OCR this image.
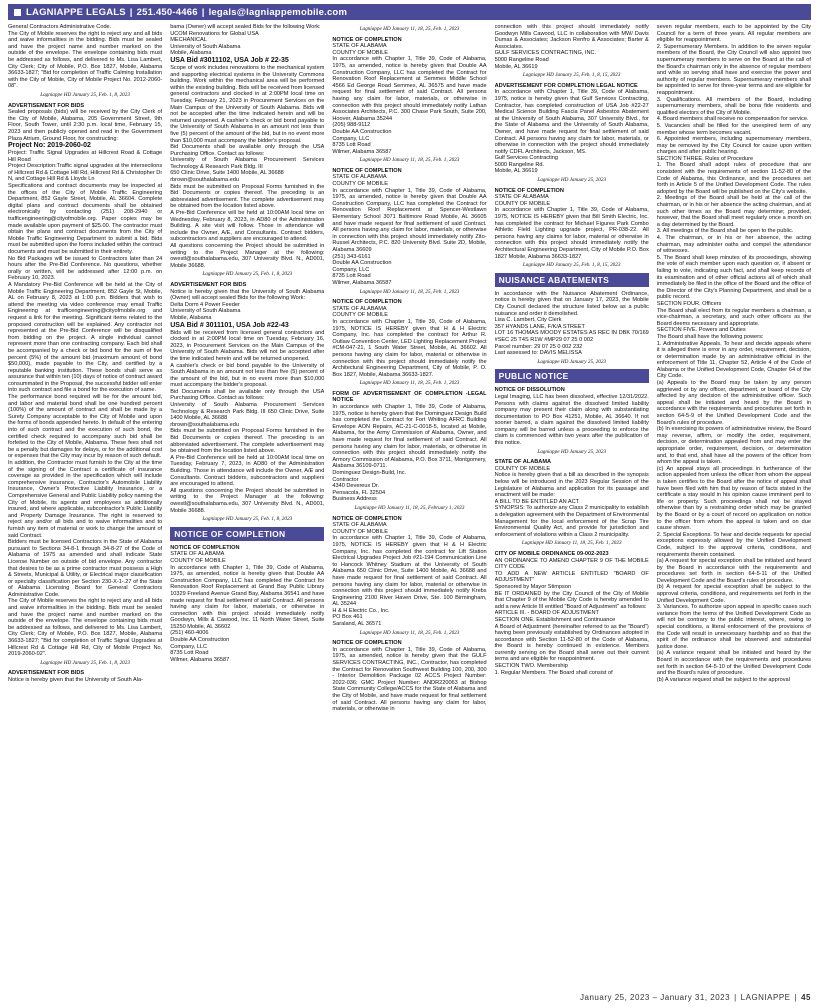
LAGNIAPPE LEGALS | 251.450-4466 | legals@lagniappemobile.com

General Contractors Administrative Code.

The City of Mobile reserves the right to reject any and all bids and waive informalities in the bidding. Bids must be sealed and have the project name and number marked on the outside of the envelope. The envelope containing bids must be addressed as follows, and delivered to Ms. Lisa Lambert, City Clerk; City of Mobile, P.O. Box 1827, Mobile, Alabama 36633-1827; "Bid for completion of Traffic Calming Installation with the City of Mobile, City of Mobile Project No. 2012-2060-08".

Lagniappe HD January 25, Feb. 1, 8, 2023

ADVERTISEMENT FOR BIDS

Sealed proposals (bids) will be received by the City Clerk of the City of Mobile, Alabama, 205 Government Street, 9th Floor, South Tower, until 2:30 p.m. local time, February 15, 2023 and then publicly opened and read in the Government Plaza Atrium, Ground Floor, for constructing:

Project No: 2019-2060-02

Project: Traffic Signal Upgrades at Hillcrest Road & Cottage Hill Road

Project Description:Traffic signal upgrades at the intersections of Hillcrest Rd & Cottage Hill Rd, Hillcrest Rd & Christopher Dr N, and Cottage Hill Rd & Lloyds Ln

Specifications and contract documents may be inspected at the offices of the City of Mobile Traffic Engineering Department, 852 Gayle Street, Mobile, AL 36604. Complete digital plans and contract documents shall be obtained electronically by contacting (251) 208-2940 or trafficengineering@cityofmobile.org. Paper copies may be made available upon payment of $25.00. The contractor must obtain the plans and contract documents from the City of Mobile Traffic Engineering Department to submit a bid. Bids must be submitted upon the forms included within the contract documents and must be submitted in their entirety.

No Bid Packages will be issued to Contractors later than 24 hours after the Pre-Bid Conference. No questions, whether orally or written, will be addressed after 12:00 p.m. on February 10, 2023.

A Mandatory Pre-Bid Conference will be held at the City of Mobile Traffic Engineering Department, 852 Gayle St, Mobile, AL on February 8, 2023 at 1:00 p.m. Bidders that wish to attend the meeting via video conference may email Traffic Engineering at trafficengineering@cityofmobile.org and request a link for the meeting. Significant items related to the proposed construction will be explained. Any contractor not represented at the Pre-Bid Conference will be disqualified from bidding on the project. A single individual cannot represent more than one contracting company. Each bid shall be accompanied by a check or bid bond for the sum of five percent (5%) of the amount bid (maximum amount of bond $50,000), made payable to the City, and certified by a reputable banking institution. These bonds shall serve as assurance that within ten (10) days of notice of contract award consummated in the Proposal, the successful bidder will enter into such contract and file a bond for the execution of same.

The performance bond required will be for the amount bid, and labor and material bond shall be one hundred percent (100%) of the amount of contract and shall be made by a Surety Company acceptable to the City of Mobile and upon the forms of bonds appended hereto. In default of the entering into of such contract and the execution of such bond, the certified check required to accompany such bid shall be forfeited to the City of Mobile, Alabama. These fees shall not be a penalty but damages for delays, or for the additional cost or expenses that the City may incur by reason of such default.

In addition, the Contractor must furnish to the City at the time of the signing of the Contract a certificate of insurance coverage as provided in the specification which will include comprehensive insurance, Contractor's Automobile Liability Insurance, Owner's Protective Liability Insurance, or a Comprehensive General and Public Liability policy naming the City of Mobile, its agents and employees as additionally insured, and where applicable, subcontractor's Public Liability and Property Damage Insurance. The right is reserved to reject any and/or all bids and to waive informalities and to furnish any item of material or work to change the amount of said Contract.

Bidders must be licensed Contractors in the State of Alabama pursuant to Sections 34-8-1 through 34-8-27 of the Code of Alabama of 1975 as amended and shall indicate State License Number on outside of bid envelope. Any contractor that desires to be as a prime contractor must possess a High & Streets, Municipal & Utility, or Electrical major classification or specialty classification per Section 230-X-1-.27 of the State of Alabama Licensing Board for General Contractors Administrative Code.

The City of Mobile reserves the right to reject any and all bids and waive informalities in the bidding. Bids must be sealed and have the project name and number marked on the outside of the envelope. The envelope containing bids must be addressed as follows, and delivered to Ms. Lisa Lambert, City Clerk; City of Mobile, P.O. Box 1827, Mobile, Alabama 36633-1827; "Bid for completion of Traffic Signal Upgrades at Hillcrest Rd & Cottage Hill Rd, City of Mobile Project No. 2019-2060-02".

Lagniappe HD January 25, Feb. 1, 8, 2023

ADVERTISEMENT FOR BIDS

Notice is hereby given that the University of South Ala-

bama (Owner) will accept sealed Bids for the following Work:

UCOM Renovations for Global USA

MECHANICAL

University of South Alabama

Mobile, Alabama

USA Bid #3011102, USA Job # 22-35

Scope of work includes renovations to the mechanical system and supporting electrical systems in the University Commons building. Work within the mechanical area will be performed within the existing building. Bids will be received from licensed general contractors and clocked in at 2:00PM local time on Tuesday, February 21, 2023 in Procurement Services on the Main Campus of the University of South Alabama. Bids will not be accepted after the time indicated herein and will be returned unopened. A cashier's check or bid bond payable to the University of South Alabama in an amount not less than five (5) percent of the amount of the bid, but in no event more than $10,000 must accompany the bidder's proposal.

Bid Documents shall be available only through the USA Purchasing Office. Contact as follows:

University of South Alabama Procurement Services Technology & Research Park Bldg. III

650 Clinic Drive, Suite 1400 Mobile, AL 36688

rbrown@southalabama.edu

Bids must be submitted on Proposal Forms furnished in the Bid Documents or copies thereof. The preceding is an abbreviated advertisement. The complete advertisement may be obtained from the location listed above.

A Pre-Bid Conference will be held at 10:00AM local time on Wednesday, February 8, 2023, in AD80 of the Administration Building. A site visit will follow. Those in attendance will include the Owner, A/E, and Consultants. Contract bidders, subcontractors and suppliers are encouraged to attend.

All questions concerning the Project should be submitted in writing to the Project Manager at the following: owestl@southalabama.edu, 307 University Blvd. N., AD001, Mobile 36688.

Lagniappe HD January 25, Feb. 1, 8, 2023

ADVERTISEMENT FOR BIDS

Notice is hereby given that the University of South Alabama (Owner) will accept sealed Bids for the following Work:

Delta Dorm 4 Power Feeder

University of South Alabama

Mobile, Alabama

USA Bid # 3011101, USA Job #22-43

Bids will be received from licensed general contractors and clocked in at 2:00PM local time on Tuesday, February 16, 2023, in Procurement Services on the Main Campus of the University of South Alabama. Bids will not be accepted after the time indicated herein and will be returned unopened.

A cashier's check or bid bond payable to the University of South Alabama in an amount not less than five (5) percent of the amount of the bid, but in no event more than $10,000 must accompany the bidder's proposal.

Bid Documents shall be available only through the USA Purchasing Office. Contact as follows:

University of South Alabama Procurement Services Technology & Research Park Bldg. III 650 Clinic Drive, Suite 1400 Mobile, AL 36688

rbrown@southalabama.edu

Bids must be submitted on Proposal Forms furnished in the Bid Documents or copies thereof. The preceding is an abbreviated advertisement. The complete advertisement may be obtained from the location listed above.

A Pre-Bid Conference will be held at 10:00AM local time on Tuesday, February 7, 2023, in AD80 of the Administration Building. Those in attendance will include the Owner, A/E and Consultants. Contract bidders, subcontractors and suppliers are encouraged to attend.

All questions concerning the Project should be submitted in writing to the Project Manager at the following: owestl@southalabama.edu, 307 University Blvd. N., AD001, Mobile 36688.

Lagniappe HD January 25, Feb. 1, 8, 2023

NOTICE OF COMPLETION

NOTICE OF COMPLETION

STATE OF ALABAMA

COUNTY OF MOBILE

In accordance with Chapter 1, Title 39, Code of Alabama, 1975, as amended, notice is hereby given that Double AA Construction Company, LLC has completed the Contract for Renovation Roof Replacement at Grand Bay Public Library 10329 Freeland Avenue Grand Bay, Alabama 36541 and have made request for final settlement of said Contract. All persons having any claim for labor, materials, or otherwise in connection with this project should immediately notify Goodwyn, Mills & Cawood, Inc. 11 North Water Street, Suite 15250 Mobile, AL 36602

(251) 460-4006

Double AA Construction

Company, LLC

8735 Lott Road

Wilmer, Alabama 36587

Lagniappe HD January 11, 18, 25, Feb. 1, 2023

NOTICE OF COMPLETION

STATE OF ALABAMA

COUNTY OF MOBILE

In accordance with Chapter 1, Title 39, Code of Alabama, 1975, as amended, notice is hereby given that Double AA Construction Company, LLC has completed the Contract for Renovation Roof Replacement at Semmes Middle School 4566 Ed George Road Semmes, AL 36575 and have made request for final settlement of said Contract. All persons having any claim for labor, materials, or otherwise in connection with this project should immediately notify Lathan Associates Architects, P.C. 300 Chase Park South, Suite 200, Hoover, Alabama 35244

(205) 988-9112

Double AA Construction

Company, LLC

8735 Lott Road

Wilmer, Alabama 36587

Lagniappe HD January 11, 18, 25, Feb. 1, 2023

NOTICE OF COMPLETION

STATE OF ALABAMA

COUNTY OF MOBILE

In accordance with Chapter 1, Title 39, Code of Alabama, 1975, as amended, notice is hereby given that Double AA Construction Company, LLC has completed the Contract for Renovation Roof Replacement at Spencer-Westlawn Elementary School 3071 Baltimore Road Mobile, AL 36605 and have made request for final settlement of said Contract. All persons having any claim for labor, materials, or otherwise in connection with this project should immediately notify Zito-Russel Architects, P.C. 820 University Blvd. Suite 2D, Mobile, Alabama 36609

(251) 343-6161

Double AA Construction

Company, LLC

8735 Lott Road

Wilmer, Alabama 36587

Lagniappe HD January 11, 18, 25, Feb. 1, 2023

NOTICE OF COMPLETION

STATE OF ALABAMA

COUNTY OF MOBILE

In accordance with Chapter 1, Title 39, Code of Alabama, 1975, NOTICE IS HEREBY given that H & H Electric Company, Inc. has completed the contract for Arthur R. Outlaw Convention Center, LED Lighting Replacement Project #CM-047-21, 1 South Water Street, Mobile, AL 36602. All persons having any claim for labor, material or otherwise in connection with this project should immediately notify the Architectural Engineering Department, City of Mobile, P. O. Box 1827, Mobile, Alabama 36633-1827.

Lagniappe HD January 11, 18, 25, Feb. 1, 2023

FORM OF ADVERTISEMENT OF COMPLETION -LEGAL NOTICE

In accordance with Chapter 1, Title 39, Code of Alabama, 1975, notice is hereby given that the Dominguez Design Build has completed the Contract for Fort Whiting AFRC Building Envelope AON Repairs, AC-21-C-0018-5, located at Mobile, Alabama, for the Army Commission of Alabama, Owner, and have made request for final settlement of said Contract. All persons having any claim for labor, materials, or otherwise in connection with this project should immediately notify the Armory Commission of Alabama, P.O. Box 3711, Montgomery, Alabama 36109-0711.

Dominguez Design-Build, Inc.

Contractor

4340 Devereux Dr.

Pensacola, FL 32504

Business Address

Lagniappe HD January 11, 18, 25, February 1, 2023

NOTICE OF COMPLETION

STATE OF ALABAMA

COUNTY OF MOBILE

In accordance with Chapter 1, Title 39, Code of Alabama, 1975, NOTICE IS HEREBY given that H & H Electric Company, Inc. has completed the contract for Lift Station Electrical Upgrades Project Job #21-194 Communication Line to Hancock Whitney Stadium at the University of South Alabama 650 Clinic Drive, Suite 1400 Mobile, AL 36688 and have made request for final settlement of said Contract. All persons having any claim for labor, material or otherwise in connection with this project should immediately notify Krebs Engineering 2100 River Haven Drive, Ste. 100 Birmingham, AL 35244

H & H Electric Co., Inc.

PO Box 461

Saraland, AL 36571

Lagniappe HD January 11, 18, 25, Feb. 1, 2023

NOTICE OF COMPLETION

In accordance with Chapter 1, Title 39, Code of Alabama, 1975, as amended, notice is hereby given that the GULF SERVICES CONTRACTING, INC., Contractor, has completed the Contract for Renovation Southwest Building 100, 200, 300 - Interior Demolition Package 02 ACCS Project Number: 2022-036; GMC Project Number: ANDR220063 at Bishop State Community College/ACCS for the State of Alabama and the City of Mobile, and have made request for final settlement of said Contract. All persons having any claim for labor, materials, or otherwise in

connection with this project should immediately notify Goodwyn Mills Cawood, LLC in collaboration with MW/ Davis Dumas & Associates; Jackson Renfro & Associates; Barter & Associates.

GULF SERVICES CONTRACTING, INC.

5000 Rangeline Road

Mobile, AL 36619

Lagniappe HD January 25, Feb. 1, 8, 15, 2023

ADVERTISEMENT FOR COMPLETION LEGAL NOTICE

In accordance with Chapter 1, Title 39, Code of Alabama, 1975, notice is hereby given that Gulf Services Contracting, Contractor, has completed construction of USA Job #22-27 Medical Science Building Fascia Panel Asbestos Abatement at the University of South Alabama, 307 University Blvd., for the State of Alabama and the University of South Alabama, Owner, and have made request for final settlement of said Contract. All persons having any claim for labor, materials, or otherwise in connection with the project should immediately notify CDFL Architects, Jackson, MS.

Gulf Services Contracting

5000 Rangeline Rd.

Mobile, AL 36619

Lagniappe HD January 25, 2023

NOTICE OF COMPLETION

STATE OF ALABAMA

COUNTY OF MOBILE

In accordance with Chapter 1, Title 39, Code of Alabama, 1975, NOTICE IS HEREBY given that Bill Smith Electric, Inc. has completed the contract for Michael Figures Park Combo Athletic Field Lighting upgrade project, PR-038-22. All persons having any claims for labor, material or otherwise in connection with this project should immediately notify the Architectural Engineering Department, City of Mobile P.O. Box 1827 Mobile, Alabama 36633-1827

Lagniappe HD January 25, Feb. 1, 8, 15, 2023

NUISANCE ABATEMENTS

In accordance with the Nuisance Abatement Ordinance, notice is hereby given that on January 17, 2023, the Mobile City Council declared the structure listed below as a public nuisance and order it demolished.

Lisa C. Lambert, City Clerk

357 HYANDS LANE, F/K/A STREET

LOT 16 THOMAS MOODY ESTATES AS REC IN DBK 70/169 #SEC 25 T4S R1W #MP29 07 25 0 002

Parcel number: 29 07 25 0 002 232

Last assessed to: DAVIS MELISSA

Lagniappe HD January 25, 2023

PUBLIC NOTICE

NOTICE OF DISSOLUTION

Legal Imaging, LLC has been dissolved, effective 12/31/2022. Persons with claims against the dissolved limited liability company may present their claim along with substantiating documentation to PO Box 41251, Mobile, AL 36640. If not sooner barred, a claim against the dissolved limited liability company will be barred unless a proceeding to enforce the claim is commenced within two years after the publication of this notice.

Lagniappe HD January 25, 2023

STATE OF ALABAMA

COUNTY OF MOBILE

Notice is hereby given that a bill as described in the synopsis below will be introduced in the 2023 Regular Session of the Legislature of Alabama and application for its passage and enactment will be made:

A BILL TO BE ENTITLED AN ACT

SYNOPSIS: To authorize any Class 2 municipality to establish a delegation agreement with the Department of Environmental Management for the local enforcement of the Scrap Tire Environmental Quality Act, and provide for jurisdiction and enforcement of violations within a Class 2 municipality.

Lagniappe HD January 11, 18, 25, Feb. 1, 2023

CITY OF MOBILE ORDINANCE 09-002-2023

AN ORDINANCE TO AMEND CHAPTER 9 OF THE MOBILE CITY CODE

TO ADD A NEW ARTICLE ENTITLED "BOARD OF ADJUSTMENT"

Sponsored by Mayor Stimpson

BE IT ORDAINED by the City Council of the City of Mobile that Chapter 9 of the Mobile City Code is hereby amended to add a new Article III entitled "Board of Adjustment" as follows:

ARTICLE III. - BOARD OF ADJUSTMENT

SECTION ONE. Establishment and Continuance

A Board of Adjustment (hereinafter referred to as the "Board") having been previously established by Ordinances adopted in accordance with Section 11-52-80 of the Code of Alabama, the Board is hereby continued in existence. Members currently serving on the Board shall serve out their current terms and are eligible for reappointment.

SECTION TWO. Membership

1. Regular Members. The Board shall consist of

seven regular members, each to be appointed by the City Council for a term of three years. All regular members are eligible for reappointment.

2. Supernumerary Members. In addition to the seven regular members of the Board, the City Council will also appoint two supernumerary members to serve on the Board at the call of the Board's chairman only in the absence of regular members and while so serving shall have and exercise the power and authority of regular members. Supernumerary members shall be appointed to serve for three-year terms and are eligible for reappointment.

3. Qualifications. All members of the Board, including supernumerary members, shall be bona fide residents and qualified electors of the City of Mobile.

4. Board members shall receive no compensation for service.

5. Vacancies shall be filled for the unexpired term of any member whose term becomes vacant.

6. Appointed members, including supernumerary members, may be removed by the City Council for cause upon written charges and after public hearing.

SECTION THREE. Rules of Procedure

1. The Board shall adopt rules of procedure that are consistent with the requirements of section 11-52-80 of the Code of Alabama, this Ordinance, and the procedures set forth in Article 5 of the Unified Development Code. The rules adopted by the Board will be published on the City's website.

2. Meetings of the Board shall be held at the call of the chairman, or in his or her absence the acting chairman, and at such other times as the Board may determine; provided, however, that the Board shall meet regularly once a month on a day determined by the Board.

3. All meetings of the Board shall be open to the public.

4. The chairman, or in his or her absence, the acting chairman, may administer oaths and compel the attendance of witnesses.

5. The Board shall keep minutes of its proceedings, showing the vote of each member upon each question or, if absent or failing to vote, indicating such fact, and shall keep records of its examination and of other official actions all of which shall immediately be filed in the office of the Board and the office of the Director of the City's Planning Department, and shall be a public record.

SECTION FOUR. Officers

The Board shall elect from its regular members a chairman, a vice-chairman, a secretary, and such other officers as the Board deems necessary and appropriate.

SECTION FIVE. Powers and Duties

The Board shall have the following powers:

1. Administrative Appeals. To hear and decide appeals where it is alleged there is error in any order, requirement, decision, or determination made by an administrative official in the enforcement of Title 11, Chapter 52, Article 4 of the Code of Alabama or the Unified Development Code, Chapter 64 of the City Code.

(a) Appeals to the Board may be taken by any person aggrieved or by any officer, department, or board of the City affected by any decision of the administrative officer. Such appeal shall be initiated and heard by the Board in accordance with the requirements and procedures set forth in section 64-5-9 of the Unified Development Code and the Board's rules of procedure.

(b) In exercising its powers of administrative review, the Board may reverse, affirm, or modify the order, requirement, decision, or determination appealed from and may enter the appropriate order, requirement, decision, or determination and, to that end, shall have all the powers of the officer from whom the appeal is taken.

(c) An appeal stays all proceedings in furtherance of the action appealed from unless the officer from whom the appeal is taken certifies to the Board after the notice of appeal shall have been filed with him that by reason of facts stated in the certificate a stay would in his opinion cause imminent peril to life or property. Such proceedings shall not be stayed otherwise than by a restraining order which may be granted by the Board or by a court of record on application on notice to the officer from whom the appeal is taken and on due cause shown.

2. Special Exceptions. To hear and decide requests for special exceptions expressly allowed by the Unified Development Code, subject to the approval criteria, conditions, and requirements therein contained.

(a) A request for special exception shall be initiated and heard by the Board in accordance with the requirements and procedures set forth in section 64-5-11 of the Unified Development Code and the Board's rules of procedure.

(b) A request for special exception shall be subject to the approval criteria, conditions, and requirements set forth in the Unified Development Code.

3. Variances. To authorize upon appeal in specific cases such variance from the terms of the Unified Development Code as will not be contrary to the public interest, where, owing to special conditions, a literal enforcement of the provisions of the Code will result in unnecessary hardship and so that the spirit of the ordinance shall be observed and substantial justice done.

(a) A variance request shall be initiated and heard by the Board in accordance with the requirements and procedures set forth in section 64-5-10 of the Unified Development Code and the Board's rules of procedure.

(b) A variance request shall be subject to the approval

January 25, 2023 – January 31, 2023 | LAGNIAPPE | 45
